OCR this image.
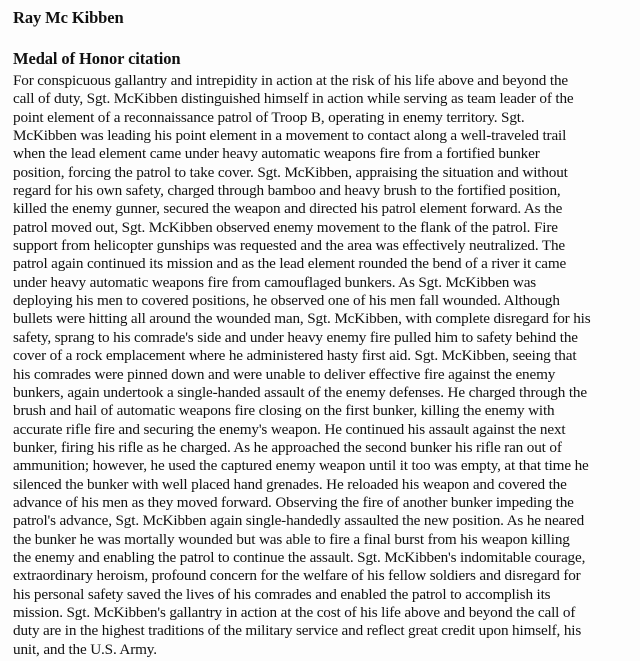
Ray Mc Kibben
Medal of Honor citation

For conspicuous gallantry and intrepidity in action at the risk of his life above and beyond the
call of duty, Sgt. McKibben distinguished himself in action while serving as team leader of the
point element of a reconnaissance patrol of Troop B, operating in enemy territory. Sgt.
McKibben was leading his point element in a movement to contact along a well-traveled trail
when the lead element came under heavy automatic weapons fire from a fortified bunker
position, forcing the patrol to take cover. Sgt. McKibben, appraising the situation and without
regard for his own safety, charged through bamboo and heavy brush to the fortified position,
killed the enemy gunner, secured the weapon and directed his patrol element forward. As the
patrol moved out, Sgt. McKibben observed enemy movement to the flank of the patrol. Fire
support from helicopter gunships was requested and the area was effectively neutralized. The
patrol again continued its mission and as the lead element rounded the bend of a river it came
under heavy automatic weapons fire from camouflaged bunkers. As Sgt. McKibben was
deploying his men to covered positions, he observed one of his men fall wounded. Although
bullets were hitting all around the wounded man, Sgt. McKibben, with complete disregard for his
safety, sprang to his comrade's side and under heavy enemy fire pulled him to safety behind the
cover of a rock emplacement where he administered hasty first aid. Sgt. McKibben, seeing that
his comrades were pinned down and were unable to deliver effective fire against the enemy
bunkers, again undertook a single-handed assault of the enemy defenses. He charged through the
brush and hail of automatic weapons fire closing on the first bunker, killing the enemy with
accurate rifle fire and securing the enemy's weapon. He continued his assault against the next
bunker, firing his rifle as he charged. As he approached the second bunker his rifle ran out of
ammunition; however, he used the captured enemy weapon until it too was empty, at that time he
silenced the bunker with well placed hand grenades. He reloaded his weapon and covered the
advance of his men as they moved forward. Observing the fire of another bunker impeding the
patrol's advance, Sgt. McKibben again single-handedly assaulted the new position. As he neared
the bunker he was mortally wounded but was able to fire a final burst from his weapon killing
the enemy and enabling the patrol to continue the assault. Sgt. McKibben's indomitable courage,
extraordinary heroism, profound concern for the welfare of his fellow soldiers and disregard for
his personal safety saved the lives of his comrades and enabled the patrol to accomplish its
mission. Sgt. McKibben's gallantry in action at the cost of his life above and beyond the call of
duty are in the highest traditions of the military service and reflect great credit upon himself, his
unit, and the U.S. Army.
